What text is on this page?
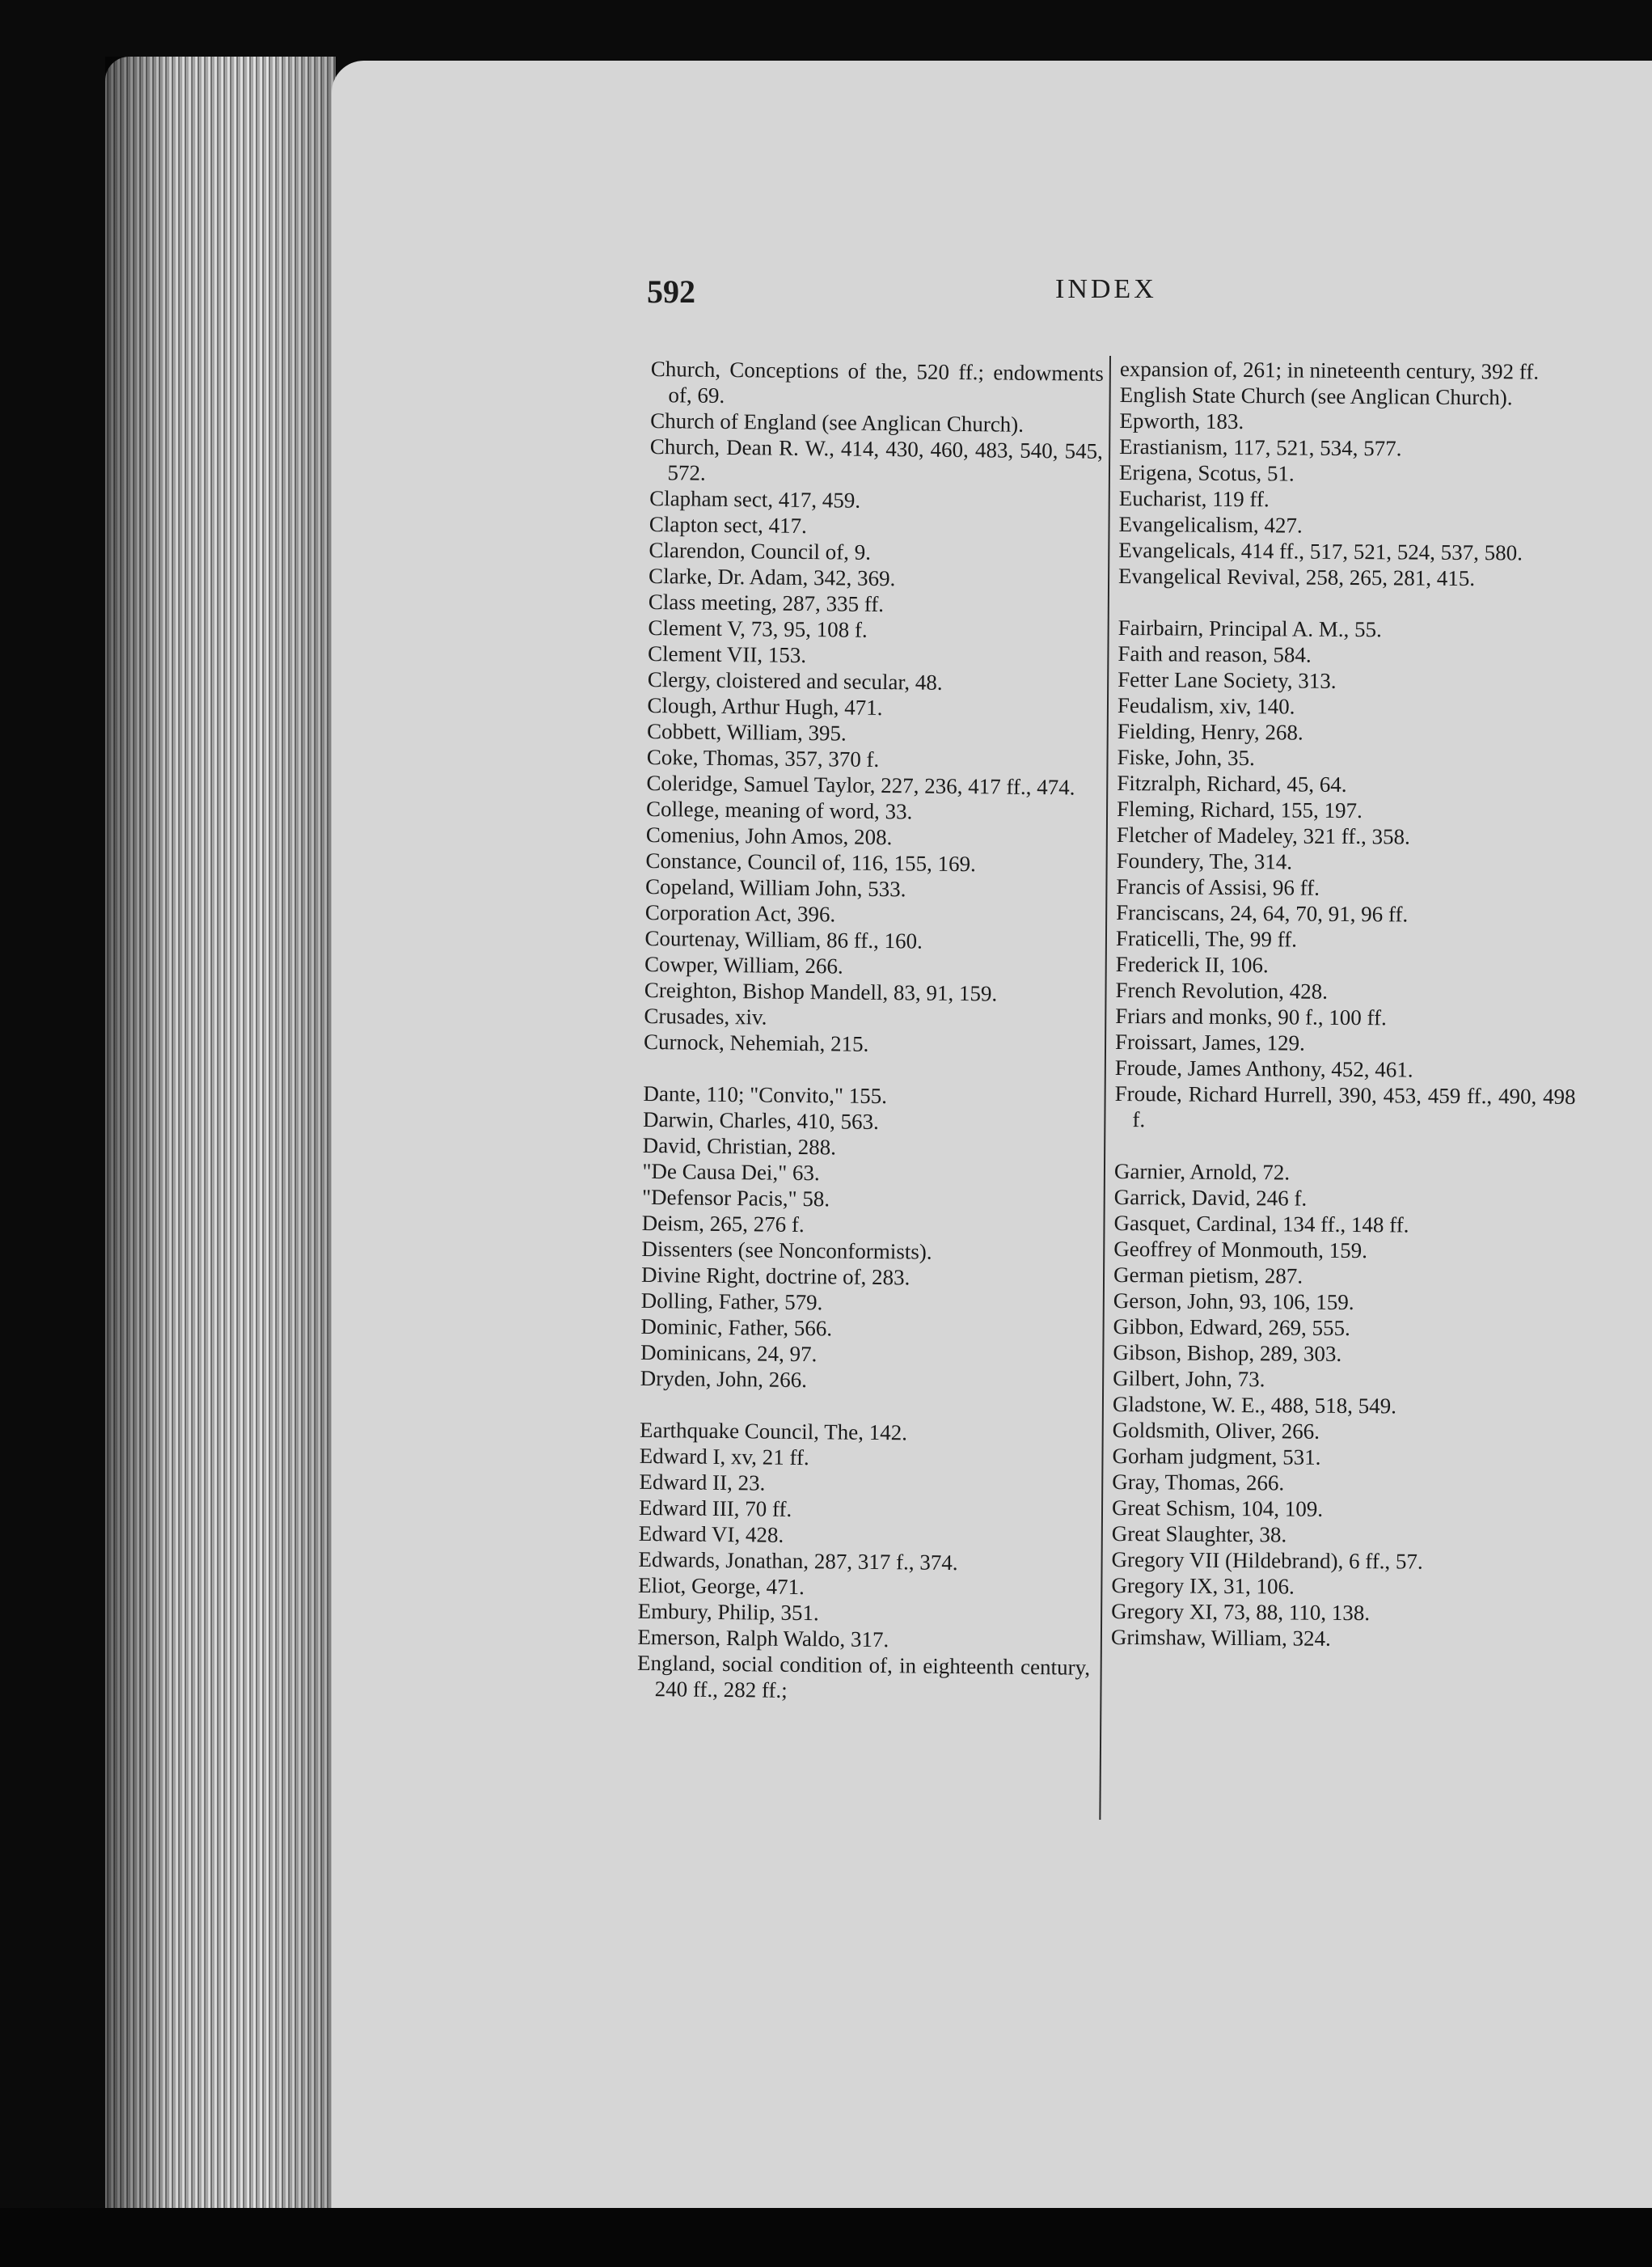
592	INDEX

Church, Conceptions of the, 520 ff.; endowments of, 69.

Church of England (see Anglican Church).

Church, Dean R. W., 414, 430, 460, 483, 540, 545, 572.

Clapham sect, 417, 459.

Clapton sect, 417.

Clarendon, Council of, 9.

Clarke, Dr. Adam, 342, 369.

Class meeting, 287, 335 ff.

Clement V, 73, 95, 108 f.

Clement VII, 153.

Clergy, cloistered and secular, 48.

Clough, Arthur Hugh, 471.

Cobbett, William, 395.

Coke, Thomas, 357, 370 f.

Coleridge, Samuel Taylor, 227, 236, 417 ff., 474.

College, meaning of word, 33.

Comenius, John Amos, 208.

Constance, Council of, 116, 155, 169.

Copeland, William John, 533.

Corporation Act, 396.

Courtenay, William, 86 ff., 160.

Cowper, William, 266.

Creighton, Bishop Mandell, 83, 91, 159.

Crusades, xiv.

Curnock, Nehemiah, 215.

Dante, 110; "Convito," 155.

Darwin, Charles, 410, 563.

David, Christian, 288.

"De Causa Dei," 63.

"Defensor Pacis," 58.

Deism, 265, 276 f.

Dissenters (see Nonconformists).

Divine Right, doctrine of, 283.

Dolling, Father, 579.

Dominic, Father, 566.

Dominicans, 24, 97.

Dryden, John, 266.

Earthquake Council, The, 142.

Edward I, xv, 21 ff.

Edward II, 23.

Edward III, 70 ff.

Edward VI, 428.

Edwards, Jonathan, 287, 317 f., 374.

Eliot, George, 471.

Embury, Philip, 351.

Emerson, Ralph Waldo, 317.

England, social condition of, in eighteenth century, 240 ff., 282 ff.;

expansion of, 261; in nineteenth century, 392 ff.

English State Church (see Anglican Church).

Epworth, 183.

Erastianism, 117, 521, 534, 577.

Erigena, Scotus, 51.

Eucharist, 119 ff.

Evangelicalism, 427.

Evangelicals, 414 ff., 517, 521, 524, 537, 580.

Evangelical Revival, 258, 265, 281, 415.

Fairbairn, Principal A. M., 55.

Faith and reason, 584.

Fetter Lane Society, 313.

Feudalism, xiv, 140.

Fielding, Henry, 268.

Fiske, John, 35.

Fitzralph, Richard, 45, 64.

Fleming, Richard, 155, 197.

Fletcher of Madeley, 321 ff., 358.

Foundery, The, 314.

Francis of Assisi, 96 ff.

Franciscans, 24, 64, 70, 91, 96 ff.

Fraticelli, The, 99 ff.

Frederick II, 106.

French Revolution, 428.

Friars and monks, 90 f., 100 ff.

Froissart, James, 129.

Froude, James Anthony, 452, 461.

Froude, Richard Hurrell, 390, 453, 459 ff., 490, 498 f.

Garnier, Arnold, 72.

Garrick, David, 246 f.

Gasquet, Cardinal, 134 ff., 148 ff.

Geoffrey of Monmouth, 159.

German pietism, 287.

Gerson, John, 93, 106, 159.

Gibbon, Edward, 269, 555.

Gibson, Bishop, 289, 303.

Gilbert, John, 73.

Gladstone, W. E., 488, 518, 549.

Goldsmith, Oliver, 266.

Gorham judgment, 531.

Gray, Thomas, 266.

Great Schism, 104, 109.

Great Slaughter, 38.

Gregory VII (Hildebrand), 6 ff., 57.

Gregory IX, 31, 106.

Gregory XI, 73, 88, 110, 138.

Grimshaw, William, 324.
